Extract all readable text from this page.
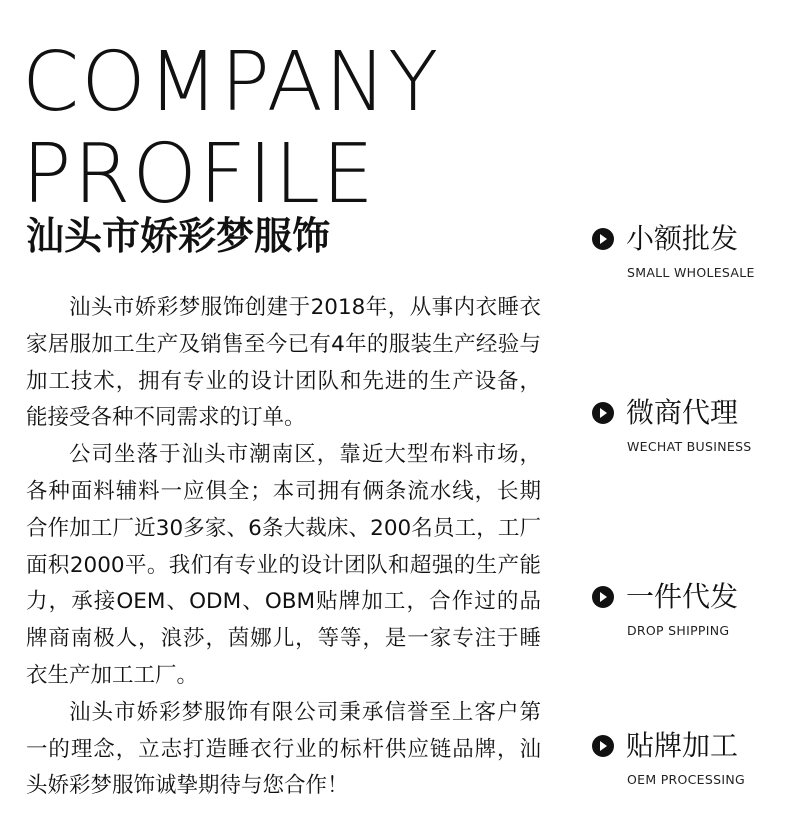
COMPANY
PROFILE
汕头市娇彩梦服饰

汕头市娇彩梦服饰创建于2018年，从事内衣睡衣家居服加工生产及销售至今已有4年的服装生产经验与加工技术，拥有专业的设计团队和先进的生产设备，能接受各种不同需求的订单。

公司坐落于汕头市潮南区，靠近大型布料市场，各种面料辅料一应俱全；本司拥有俩条流水线，长期合作加工厂近30多家、6条大裁床、200名员工，工厂面积2000平。我们有专业的设计团队和超强的生产能力，承接OEM、ODM、OBM贴牌加工，合作过的品牌商南极人，浪莎，茵娜儿，等等，是一家专注于睡衣生产加工工厂。

汕头市娇彩梦服饰有限公司秉承信誉至上客户第一的理念，立志打造睡衣行业的标杆供应链品牌，汕头娇彩梦服饰诚挚期待与您合作！

小额批发
SMALL WHOLESALE
微商代理
WECHAT BUSINESS
一件代发
DROP SHIPPING
贴牌加工
OEM PROCESSING
